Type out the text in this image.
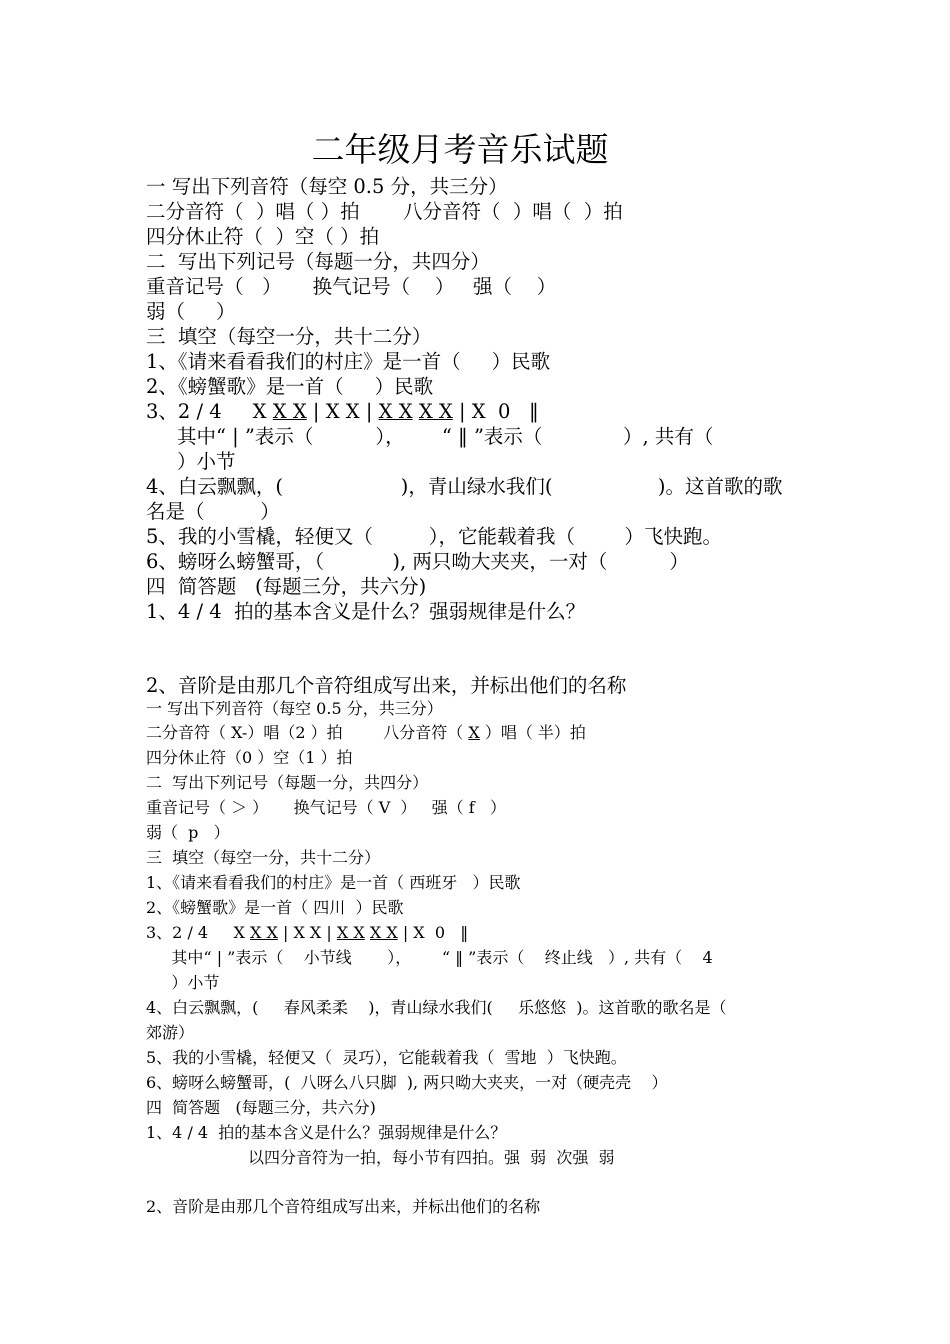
二年级月考音乐试题
一 写出下列音符（每空 0.5 分，共三分）
二分音符（  ）唱（ ）拍       八分音符（  ）唱（  ）拍
四分休止符（  ）空（ ）拍
二  写出下列记号（每题一分，共四分）
重音记号（   ）     换气记号（    ）   强（    ）
弱（     ）
三  填空（每空一分，共十二分）
1、《请来看看我们的村庄》是一首（     ）民歌
2、《螃蟹歌》是一首（     ）民歌
3、2 / 4     X X X | X X | X X X X | X  0   ‖
其中“ | ”表示（          ），      “ ‖ ”表示（             ）, 共有（
）小节
4、白云飘飘，(                   )，青山绿水我们(                 )。这首歌的歌
名是（         ）
5、我的小雪橇，轻便又（         ），它能载着我（        ）飞快跑。
6、螃呀么螃蟹哥，（           ), 两只呦大夹夹，一对（          ）
四  简答题   (每题三分，共六分)
1、4 / 4  拍的基本含义是什么？强弱规律是什么？
2、音阶是由那几个音符组成写出来，并标出他们的名称
一 写出下列音符（每空 0.5 分，共三分）
二分音符（ X-）唱（2 ）拍        八分音符（ X ）唱（ 半）拍
四分休止符（0 ）空（1 ）拍
二  写出下列记号（每题一分，共四分）
重音记号（ ＞ ）     换气记号（ V  ）   强（ f   ）
弱（  p   ）
三  填空（每空一分，共十二分）
1、《请来看看我们的村庄》是一首（ 西班牙   ）民歌
2、《螃蟹歌》是一首（ 四川  ）民歌
3、2 / 4     X X X | X X | X X X X | X  0   ‖
其中“ | ”表示（    小节线       ），      “ ‖ ”表示（    终止线   ）, 共有（    4
）小节
4、白云飘飘，(     春风柔柔    )，青山绿水我们(     乐悠悠  )。这首歌的歌名是（
郊游）
5、我的小雪橇，轻便又（  灵巧），它能载着我（  雪地  ）飞快跑。
6、螃呀么螃蟹哥，(  八呀么八只脚  ), 两只呦大夹夹，一对（硬壳壳    ）
四  简答题   (每题三分，共六分)
1、4 / 4  拍的基本含义是什么？强弱规律是什么？
以四分音符为一拍，每小节有四拍。强  弱  次强  弱
2、音阶是由那几个音符组成写出来，并标出他们的名称
